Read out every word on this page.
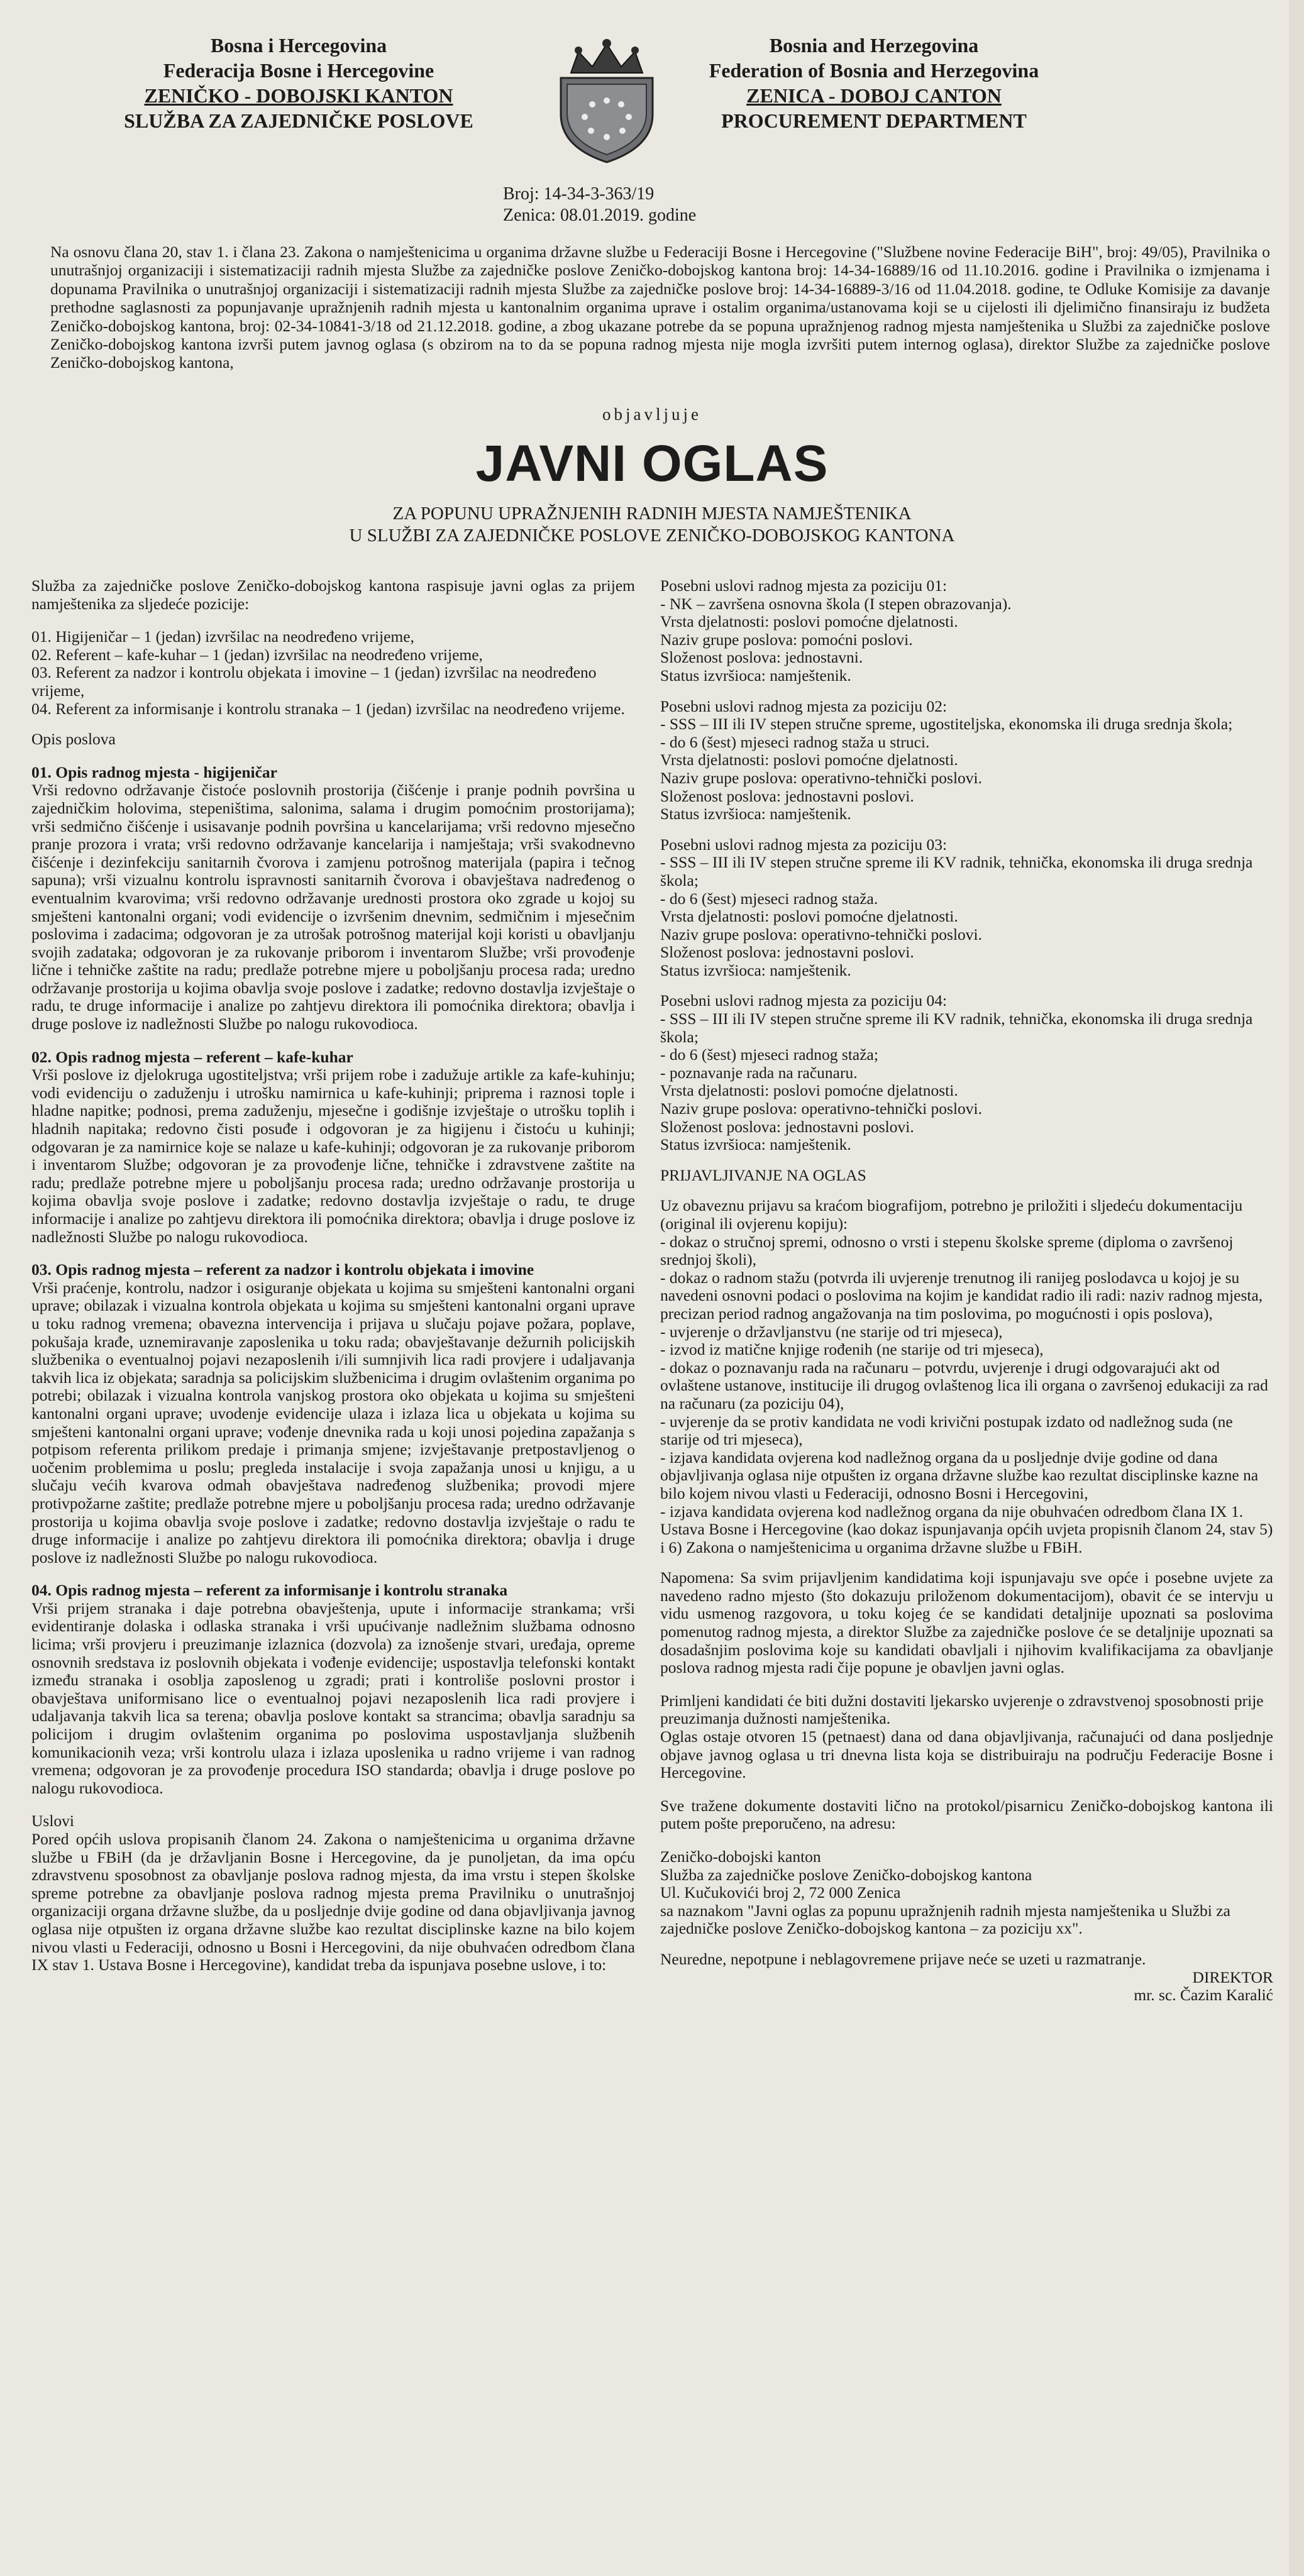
Bosna i Hercegovina
Federacija Bosne i Hercegovine
ZENIČKO - DOBOJSKI KANTON
SLUŽBA ZA ZAJEDNIČKE POSLOVE
Bosnia and Herzegovina
Federation of Bosnia and Herzegovina
ZENICA - DOBOJ CANTON
PROCUREMENT DEPARTMENT
Broj: 14-34-3-363/19
Zenica: 08.01.2019. godine
Na osnovu člana 20, stav 1. i člana 23. Zakona o namještenicima u organima državne službe u Federaciji Bosne i Hercegovine ("Službene novine Federacije BiH", broj: 49/05), Pravilnika o unutrašnjoj organizaciji i sistematizaciji radnih mjesta Službe za zajedničke poslove Zeničko-dobojskog kantona broj: 14-34-16889/16 od 11.10.2016. godine i Pravilnika o izmjenama i dopunama Pravilnika o unutrašnjoj organizaciji i sistematizaciji radnih mjesta Službe za zajedničke poslove broj: 14-34-16889-3/16 od 11.04.2018. godine, te Odluke Komisije za davanje prethodne saglasnosti za popunjavanje upražnjenih radnih mjesta u kantonalnim organima uprave i ostalim organima/ustanovama koji se u cijelosti ili djelimično finansiraju iz budžeta Zeničko-dobojskog kantona, broj: 02-34-10841-3/18 od 21.12.2018. godine, a zbog ukazane potrebe da se popuna upražnjenog radnog mjesta namještenika u Službi za zajedničke poslove Zeničko-dobojskog kantona izvrši putem javnog oglasa (s obzirom na to da se popuna radnog mjesta nije mogla izvršiti putem internog oglasa), direktor Službe za zajedničke poslove Zeničko-dobojskog kantona,
objavljuje
JAVNI OGLAS
ZA POPUNU UPRAŽNJENIH RADNIH MJESTA NAMJEŠTENIKA
U SLUŽBI ZA ZAJEDNIČKE POSLOVE ZENIČKO-DOBOJSKOG KANTONA

Služba za zajedničke poslove Zeničko-dobojskog kantona raspisuje javni oglas za prijem namještenika za sljedeće pozicije:

01. Higijeničar – 1 (jedan) izvršilac na neodređeno vrijeme,
02. Referent – kafe-kuhar – 1 (jedan) izvršilac na neodređeno vrijeme,
03. Referent za nadzor i kontrolu objekata i imovine – 1 (jedan) izvršilac na neodređeno vrijeme,
04. Referent za informisanje i kontrolu stranaka – 1 (jedan) izvršilac na neodređeno vrijeme.

Opis poslova

01. Opis radnog mjesta - higijeničar

Vrši redovno održavanje čistoće poslovnih prostorija (čišćenje i pranje podnih površina u zajedničkim holovima, stepeništima, salonima, salama i drugim pomoćnim prostorijama); vrši sedmično čišćenje i usisavanje podnih površina u kancelarijama; vrši redovno mjesečno pranje prozora i vrata; vrši redovno održavanje kancelarija i namještaja; vrši svakodnevno čišćenje i dezinfekciju sanitarnih čvorova i zamjenu potrošnog materijala (papira i tečnog sapuna); vrši vizualnu kontrolu ispravnosti sanitarnih čvorova i obavještava nadređenog o eventualnim kvarovima; vrši redovno održavanje urednosti prostora oko zgrade u kojoj su smješteni kantonalni organi; vodi evidencije o izvršenim dnevnim, sedmičnim i mjesečnim poslovima i zadacima; odgovoran je za utrošak potrošnog materijal koji koristi u obavljanju svojih zadataka; odgovoran je za rukovanje priborom i inventarom Službe; vrši provođenje lične i tehničke zaštite na radu; predlaže potrebne mjere u poboljšanju procesa rada; uredno održavanje prostorija u kojima obavlja svoje poslove i zadatke; redovno dostavlja izvještaje o radu, te druge informacije i analize po zahtjevu direktora ili pomoćnika direktora; obavlja i druge poslove iz nadležnosti Službe po nalogu rukovodioca.

02. Opis radnog mjesta – referent – kafe-kuhar

Vrši poslove iz djelokruga ugostiteljstva; vrši prijem robe i zadužuje artikle za kafe-kuhinju; vodi evidenciju o zaduženju i utrošku namirnica u kafe-kuhinji; priprema i raznosi tople i hladne napitke; podnosi, prema zaduženju, mjesečne i godišnje izvještaje o utrošku toplih i hladnih napitaka; redovno čisti posuđe i odgovoran je za higijenu i čistoću u kuhinji; odgovaran je za namirnice koje se nalaze u kafe-kuhinji; odgovoran je za rukovanje priborom i inventarom Službe; odgovoran je za provođenje lične, tehničke i zdravstvene zaštite na radu; predlaže potrebne mjere u poboljšanju procesa rada; uredno održavanje prostorija u kojima obavlja svoje poslove i zadatke; redovno dostavlja izvještaje o radu, te druge informacije i analize po zahtjevu direktora ili pomoćnika direktora; obavlja i druge poslove iz nadležnosti Službe po nalogu rukovodioca.

03. Opis radnog mjesta – referent za nadzor i kontrolu objekata i imovine

Vrši praćenje, kontrolu, nadzor i osiguranje objekata u kojima su smješteni kantonalni organi uprave; obilazak i vizualna kontrola objekata u kojima su smješteni kantonalni organi uprave u toku radnog vremena; obavezna intervencija i prijava u slučaju pojave požara, poplave, pokušaja krađe, uznemiravanje zaposlenika u toku rada; obavještavanje dežurnih policijskih službenika o eventualnoj pojavi nezaposlenih i/ili sumnjivih lica radi provjere i udaljavanja takvih lica iz objekata; saradnja sa policijskim službenicima i drugim ovlaštenim organima po potrebi; obilazak i vizualna kontrola vanjskog prostora oko objekata u kojima su smješteni kantonalni organi uprave; uvodenje evidencije ulaza i izlaza lica u objekata u kojima su smješteni kantonalni organi uprave; vođenje dnevnika rada u koji unosi pojedina zapažanja s potpisom referenta prilikom predaje i primanja smjene; izvještavanje pretpostavljenog o uočenim problemima u poslu; pregleda instalacije i svoja zapažanja unosi u knjigu, a u slučaju većih kvarova odmah obavještava nadređenog službenika; provodi mjere protivpožarne zaštite; predlaže potrebne mjere u poboljšanju procesa rada; uredno održavanje prostorija u kojima obavlja svoje poslove i zadatke; redovno dostavlja izvještaje o radu te druge informacije i analize po zahtjevu direktora ili pomoćnika direktora; obavlja i druge poslove iz nadležnosti Službe po nalogu rukovodioca.

04. Opis radnog mjesta – referent za informisanje i kontrolu stranaka

Vrši prijem stranaka i daje potrebna obavještenja, upute i informacije strankama; vrši evidentiranje dolaska i odlaska stranaka i vrši upućivanje nadležnim službama odnosno licima; vrši provjeru i preuzimanje izlaznica (dozvola) za iznošenje stvari, uređaja, opreme osnovnih sredstava iz poslovnih objekata i vođenje evidencije; uspostavlja telefonski kontakt između stranaka i osoblja zaposlenog u zgradi; prati i kontroliše poslovni prostor i obavještava uniformisano lice o eventualnoj pojavi nezaposlenih lica radi provjere i udaljavanja takvih lica sa terena; obavlja poslove kontakt sa strancima; obavlja saradnju sa policijom i drugim ovlaštenim organima po poslovima uspostavljanja službenih komunikacionih veza; vrši kontrolu ulaza i izlaza uposlenika u radno vrijeme i van radnog vremena; odgovoran je za provođenje procedura ISO standarda; obavlja i druge poslove po nalogu rukovodioca.

Uslovi

Pored općih uslova propisanih članom 24. Zakona o namještenicima u organima državne službe u FBiH (da je državljanin Bosne i Hercegovine, da je punoljetan, da ima opću zdravstvenu sposobnost za obavljanje poslova radnog mjesta, da ima vrstu i stepen školske spreme potrebne za obavljanje poslova radnog mjesta prema Pravilniku o unutrašnjoj organizaciji organa državne službe, da u posljednje dvije godine od dana objavljivanja javnog oglasa nije otpušten iz organa državne službe kao rezultat disciplinske kazne na bilo kojem nivou vlasti u Federaciji, odnosno u Bosni i Hercegovini, da nije obuhvaćen odredbom člana IX stav 1. Ustava Bosne i Hercegovine), kandidat treba da ispunjava posebne uslove, i to:

Posebni uslovi radnog mjesta za poziciju 01:
- NK – završena osnovna škola (I stepen obrazovanja).
Vrsta djelatnosti: poslovi pomoćne djelatnosti.
Naziv grupe poslova: pomoćni poslovi.
Složenost poslova: jednostavni.
Status izvršioca: namještenik.
Posebni uslovi radnog mjesta za poziciju 02:
- SSS – III ili IV stepen stručne spreme, ugostiteljska, ekonomska ili druga srednja škola;
- do 6 (šest) mjeseci radnog staža u struci.
Vrsta djelatnosti: poslovi pomoćne djelatnosti.
Naziv grupe poslova: operativno-tehnički poslovi.
Složenost poslova: jednostavni poslovi.
Status izvršioca: namještenik.
Posebni uslovi radnog mjesta za poziciju 03:
- SSS – III ili IV stepen stručne spreme ili KV radnik, tehnička, ekonomska ili druga srednja škola;
- do 6 (šest) mjeseci radnog staža.
Vrsta djelatnosti: poslovi pomoćne djelatnosti.
Naziv grupe poslova: operativno-tehnički poslovi.
Složenost poslova: jednostavni poslovi.
Status izvršioca: namještenik.
Posebni uslovi radnog mjesta za poziciju 04:
- SSS – III ili IV stepen stručne spreme ili KV radnik, tehnička, ekonomska ili druga srednja škola;
- do 6 (šest) mjeseci radnog staža;
- poznavanje rada na računaru.
Vrsta djelatnosti: poslovi pomoćne djelatnosti.
Naziv grupe poslova: operativno-tehnički poslovi.
Složenost poslova: jednostavni poslovi.
Status izvršioca: namještenik.
PRIJAVLJIVANJE NA OGLAS
Uz obaveznu prijavu sa kraćom biografijom, potrebno je priložiti i sljedeću dokumentaciju (original ili ovjerenu kopiju):
- dokaz o stručnoj spremi, odnosno o vrsti i stepenu školske spreme (diploma o završenoj srednjoj školi),
- dokaz o radnom stažu (potvrda ili uvjerenje trenutnog ili ranijeg poslodavca u kojoj je su navedeni osnovni podaci o poslovima na kojim je kandidat radio ili radi: naziv radnog mjesta, precizan period radnog angažovanja na tim poslovima, po mogućnosti i opis poslova),
- uvjerenje o državljanstvu (ne starije od tri mjeseca),
- izvod iz matične knjige rođenih (ne starije od tri mjeseca),
- dokaz o poznavanju rada na računaru – potvrdu, uvjerenje i drugi odgovarajući akt od ovlaštene ustanove, institucije ili drugog ovlaštenog lica ili organa o završenoj edukaciji za rad na računaru (za poziciju 04),
- uvjerenje da se protiv kandidata ne vodi krivični postupak izdato od nadležnog suda (ne starije od tri mjeseca),
- izjava kandidata ovjerena kod nadležnog organa da u posljednje dvije godine od dana objavljivanja oglasa nije otpušten iz organa državne službe kao rezultat disciplinske kazne na bilo kojem nivou vlasti u Federaciji, odnosno Bosni i Hercegovini,
- izjava kandidata ovjerena kod nadležnog organa da nije obuhvaćen odredbom člana IX 1. Ustava Bosne i Hercegovine (kao dokaz ispunjavanja općih uvjeta propisnih članom 24, stav 5) i 6) Zakona o namještenicima u organima državne službe u FBiH.

Napomena: Sa svim prijavljenim kandidatima koji ispunjavaju sve opće i posebne uvjete za navedeno radno mjesto (što dokazuju priloženom dokumentacijom), obavit će se intervju u vidu usmenog razgovora, u toku kojeg će se kandidati detaljnije upoznati sa poslovima pomenutog radnog mjesta, a direktor Službe za zajedničke poslove će se detaljnije upoznati sa dosadašnjim poslovima koje su kandidati obavljali i njihovim kvalifikacijama za obavljanje poslova radnog mjesta radi čije popune je obavljen javni oglas.

Primljeni kandidati će biti dužni dostaviti ljekarsko uvjerenje o zdravstvenoj sposobnosti prije preuzimanja dužnosti namještenika.

Oglas ostaje otvoren 15 (petnaest) dana od dana objavljivanja, računajući od dana posljednje objave javnog oglasa u tri dnevna lista koja se distribuiraju na području Federacije Bosne i Hercegovine.

Sve tražene dokumente dostaviti lično na protokol/pisarnicu Zeničko-dobojskog kantona ili putem pošte preporučeno, na adresu:

Zeničko-dobojski kanton
Služba za zajedničke poslove Zeničko-dobojskog kantona
Ul. Kučukovići broj 2, 72 000 Zenica
sa naznakom "Javni oglas za popunu upražnjenih radnih mjesta namještenika u Službi za zajedničke poslove Zeničko-dobojskog kantona – za poziciju xx".
Neuredne, nepotpune i neblagovremene prijave neće se uzeti u razmatranje.

DIREKTOR

mr. sc. Čazim Karalić
